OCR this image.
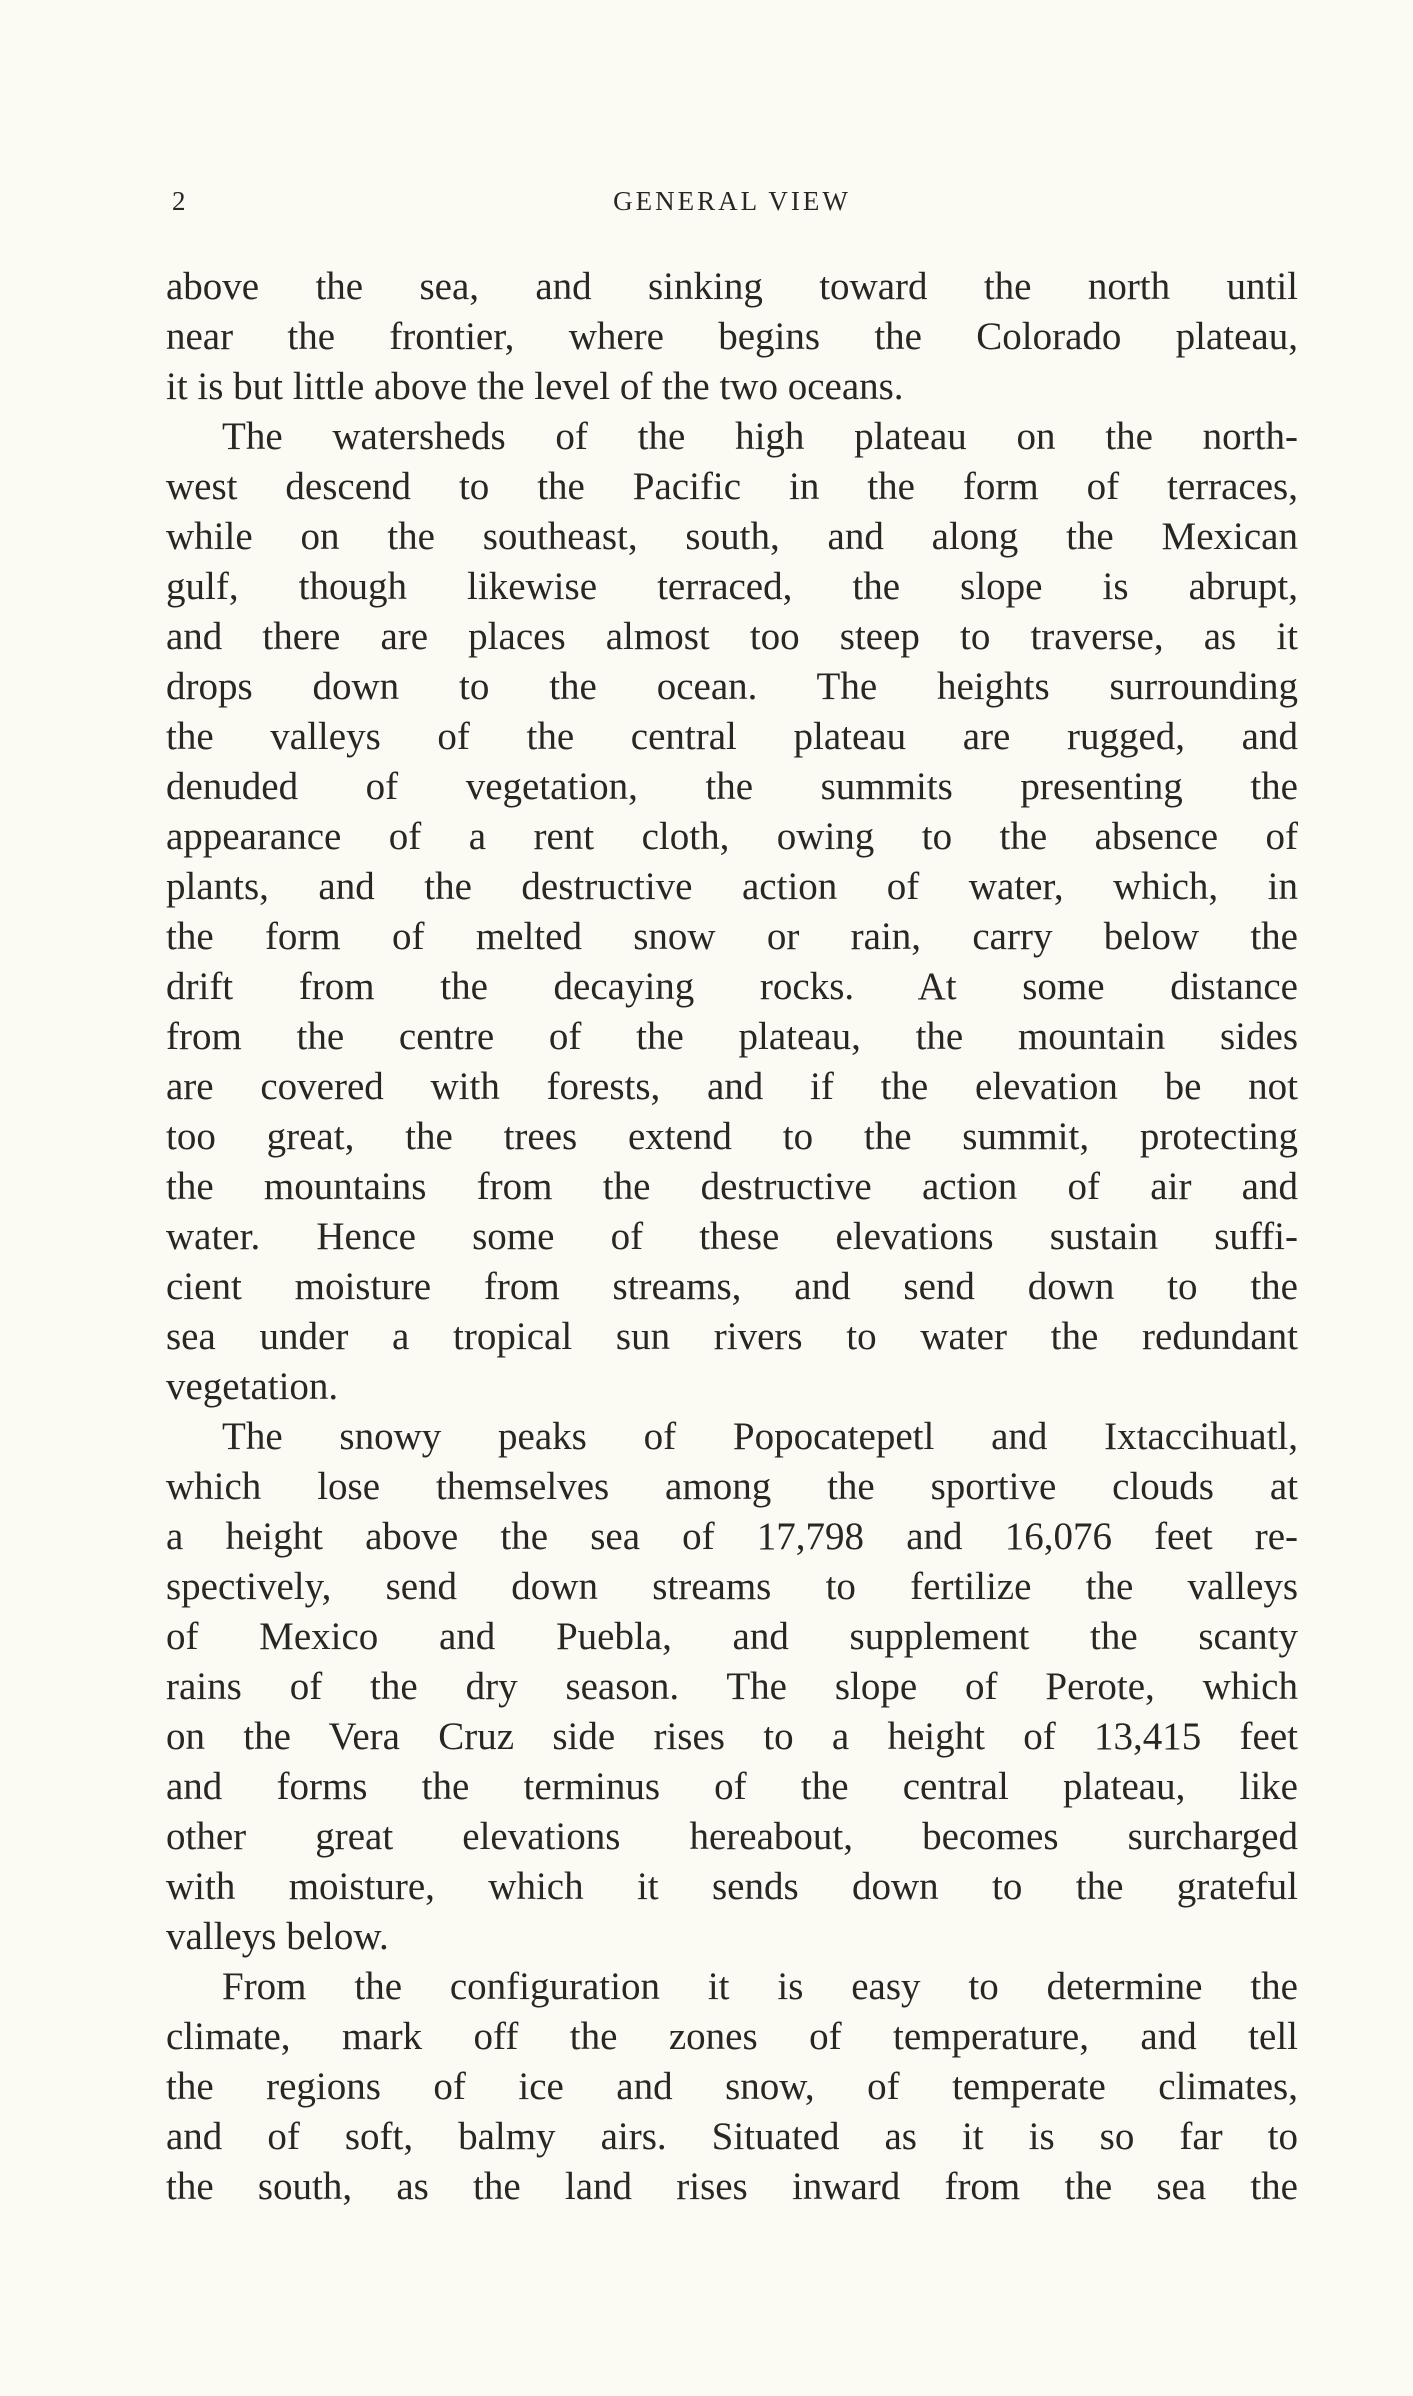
2	GENERAL VIEW
above the sea, and sinking toward the north until
near the frontier, where begins the Colorado plateau,
it is but little above the level of the two oceans.
The watersheds of the high plateau on the north-
west descend to the Pacific in the form of terraces,
while on the southeast, south, and along the Mexican
gulf, though likewise terraced, the slope is abrupt,
and there are places almost too steep to traverse, as it
drops down to the ocean. The heights surrounding
the valleys of the central plateau are rugged, and
denuded of vegetation, the summits presenting the
appearance of a rent cloth, owing to the absence of
plants, and the destructive action of water, which, in
the form of melted snow or rain, carry below the
drift from the decaying rocks. At some distance
from the centre of the plateau, the mountain sides
are covered with forests, and if the elevation be not
too great, the trees extend to the summit, protecting
the mountains from the destructive action of air and
water. Hence some of these elevations sustain suffi-
cient moisture from streams, and send down to the
sea under a tropical sun rivers to water the redundant
vegetation.
The snowy peaks of Popocatepetl and Ixtaccihuatl,
which lose themselves among the sportive clouds at
a height above the sea of 17,798 and 16,076 feet re-
spectively, send down streams to fertilize the valleys
of Mexico and Puebla, and supplement the scanty
rains of the dry season. The slope of Perote, which
on the Vera Cruz side rises to a height of 13,415 feet
and forms the terminus of the central plateau, like
other great elevations hereabout, becomes surcharged
with moisture, which it sends down to the grateful
valleys below.
From the configuration it is easy to determine the
climate, mark off the zones of temperature, and tell
the regions of ice and snow, of temperate climates,
and of soft, balmy airs. Situated as it is so far to
the south, as the land rises inward from the sea the
